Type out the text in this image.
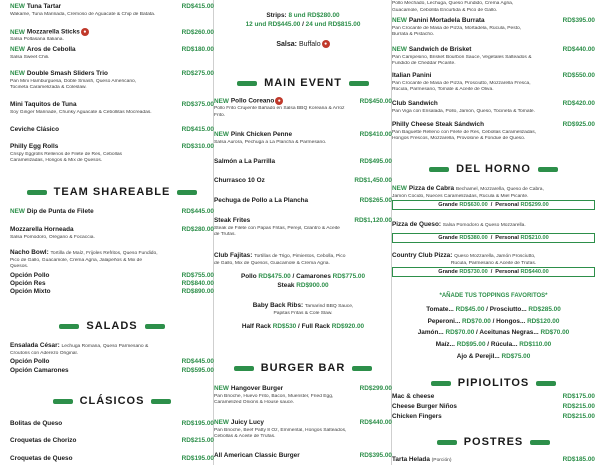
NEW Tuna Tartar	RD$415.00
Wakame, Tuna Marinada, Cremoso de Aguacate & Chip de Batata.
NEW Mozzarella Sticks ●	RD$260.00
Salsa Poltasana Italiana.
NEW Aros de Cebolla	RD$180.00
Salsa Sweet Chili.
NEW Double Smash Sliders Trio	RD$275.00
Pan Mini Hamburguesa, Doble Smash, Queso Americano,
Tocineta Caramelizada & Coleslaw.
Mini Taquitos de Tuna	RD$375.00
Soy Ginger Marinade, Chunky Aguacate & Cebollitas Mocreadas.
Ceviche Clásico	RD$415.00
Philly Egg Rolls	RD$310.00
Crispy Eggrolls Rellenos de Filete de Res, Cebollas
Caramelizadas, Hongos & Mix de Quesos.
TEAM SHAREABLE
NEW Dip de Punta de Filete	RD$445.00
Mozzarella Horneada	RD$280.00
Salsa Pomodoro, Orégano & Focaccia.
Nacho Bowl: Tortilla de Maíz, Frijoles Refritos, Queso Fundido,
Pico de Gallo, Guacamole, Crema Agria, Jalapeños & Mix de
Quesos.
Opción Pollo	RD$755.00
Opción Res	RD$840.00
Opción Mixto	RD$890.00
SALADS
Ensalada César: Lechuga Romana, Queso Parmesano &
Croutons con Aderezo Original.
Opción Pollo	RD$445.00
Opción Camarones	RD$595.00
CLÁSICOS
Bolitas de Queso	RD$195.00
Croquetas de Chorizo	RD$215.00
Croquetas de Queso	RD$195.00
Strips: 8 und RD$280.00
12 und RD$445.00 / 24 und RD$815.00
Salsa: Buffalo ●
MAIN EVENT
NEW Pollo Coreano ●	RD$450.00
Pollo Frito Crujiente Bañado en Salsa BBQ Koreana & Arroz
Frito.
NEW Pink Chicken Penne	RD$410.00
Salsa Aurora, Pechuga a La Plancha & Parmesano.
Salmón a La Parrilla	RD$495.00
Churrasco 10 Oz	RD$1,450.00
Pechuga de Pollo a La Plancha	RD$265.00
Steak Frites	RD$1,120.00
Steak de Filete con Papas Fritas, Perejil, Cilantro & Aceite
de Trufas.
Club Fajitas: Tortillas de Trigo, Pimientos, Cebolla, Pico
de Gallo, Mix de Quesos, Guacamole & Crema Agria.
Pollo RD$475.00 / Camarones RD$775.00
Steak RD$900.00
Baby Back Ribs: Tamarind BBQ Sauce,
Papitas Fritas & Cole Slaw.
Half Rack RD$530 / Full Rack RD$920.00
BURGER BAR
NEW Hangover Burger	RD$299.00
Pan Brioche, Huevo Frito, Bacon, Muenster, Fried Egg,
Caramelized Onions & House sauce.
NEW Juicy Lucy	RD$440.00
Pan Brioche, Beef Patty 8 Oz, Emmental, Hongos Salteados,
Cebollas & Aceite de Trufas.
All American Classic Burger	RD$395.00
Pollo Mechado, Lechuga, Queso Fundido, Crema Agria,
Guacamole, Cebollita Encurtida & Pico de Gallo.
NEW Panini Mortadela Burrata	RD$395.00
Pan Crocante de Masa de Pizza, Mortadela, Rúcula, Pesto,
Burrata & Pistacho.
NEW Sandwich de Brisket	RD$440.00
Pan Campesino, Brisket Bourbon Sauce, Vegetales Salteados &
Fundido de Cheddar Picante.
Italian Panini	RD$550.00
Pan Crocante de Masa de Pizza, Prosciutto, Mozzarella Fresca,
Rúcula, Parmesano, Tomate & Aceite de Oliva.
Club Sandwich	RD$420.00
Pan Viga con Ensalada, Pollo, Jamón, Queso, Tocineta & Tomate.
Philly Cheese Steak Sándwich	RD$925.00
Pan Baguette Relleno con Filete de Res, Cebollas Caramelizadas,
Hongos Frescos, Mozzarella, Provolone & Fondue de Queso.
DEL HORNO
NEW Pizza de Cabra Bechamel, Mozzarella, Queso de Cabra,
Jamón Cocido, Nueces Caramelizadas, Rúcula & Miel Picante.
Grande
RD$630.00 / Personal
RD$299.00
Pizza de Queso: Salsa Pomodoro & Queso Mozzarella.
Grande
RD$380.00 / Personal
RD$210.00
Country Club Pizza: Queso Mozzarella, Jamón Prosciutto,
Rúcula, Parmesano & Aceite de Trufas.
Grande
RD$730.00 / Personal
RD$440.00
*AÑADE TUS TOPPINGS FAVORITOS*
Tomate... RD$45.00 / Prosciutto... RD$285.00
Peperoni... RD$70.00 / Hongos... RD$120.00
Jamón... RD$70.00 / Aceitunas Negras... RD$70.00
Maíz... RD$95.00 / Rúcula... RD$110.00
Ajo & Perejil... RD$75.00
PIPIOLITOS
Mac & cheese	RD$175.00
Cheese Burger Niños	RD$215.00
Chicken Fingers	RD$215.00
POSTRES
Tarta Helada (Porción)	RD$185.00
